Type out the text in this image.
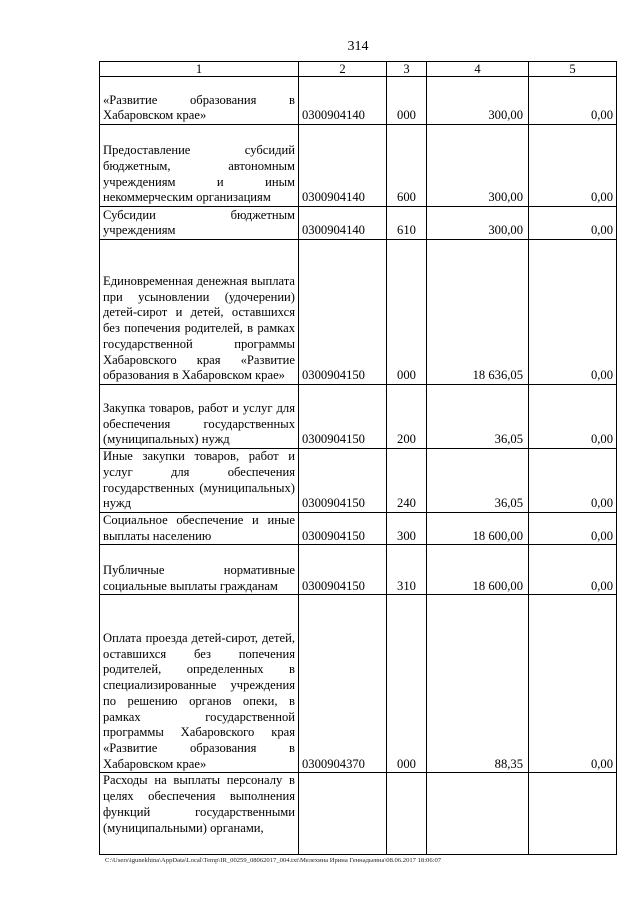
314
1	2	3	4	5
«Развитие образования в Хабаровском крае»	0300904140	000	300,00	0,00
Предоставление субсидий бюджетным, автономным учреждениям и иным некоммерческим организациям	0300904140	600	300,00	0,00
Субсидии бюджетным учреждениям	0300904140	610	300,00	0,00
Единовременная денежная выплата при усыновлении (удочерении) детей-сирот и детей, оставшихся без попечения родителей, в рамках государственной программы Хабаровского края «Развитие образования в Хабаровском крае»	0300904150	000	18 636,05	0,00
Закупка товаров, работ и услуг для обеспечения государственных (муниципальных) нужд	0300904150	200	36,05	0,00
Иные закупки товаров, работ и услуг для обеспечения государственных (муниципальных) нужд	0300904150	240	36,05	0,00
Социальное обеспечение и иные выплаты населению	0300904150	300	18 600,00	0,00
Публичные нормативные социальные выплаты гражданам	0300904150	310	18 600,00	0,00
Оплата проезда детей-сирот, детей, оставшихся без попечения родителей, определенных в специализированные учреждения по решению органов опеки, в рамках государственной программы Хабаровского края «Развитие образования в Хабаровском крае»	0300904370	000	88,35	0,00
Расходы на выплаты персоналу в целях обеспечения выполнения функций государственными (муниципальными) органами,				
C:\Users\igunekhina\AppData\Local\Temp\IR_00259_08062017_004.txt\Мелехина Ирина Геннадьевна\08.06.2017 18:06:07
